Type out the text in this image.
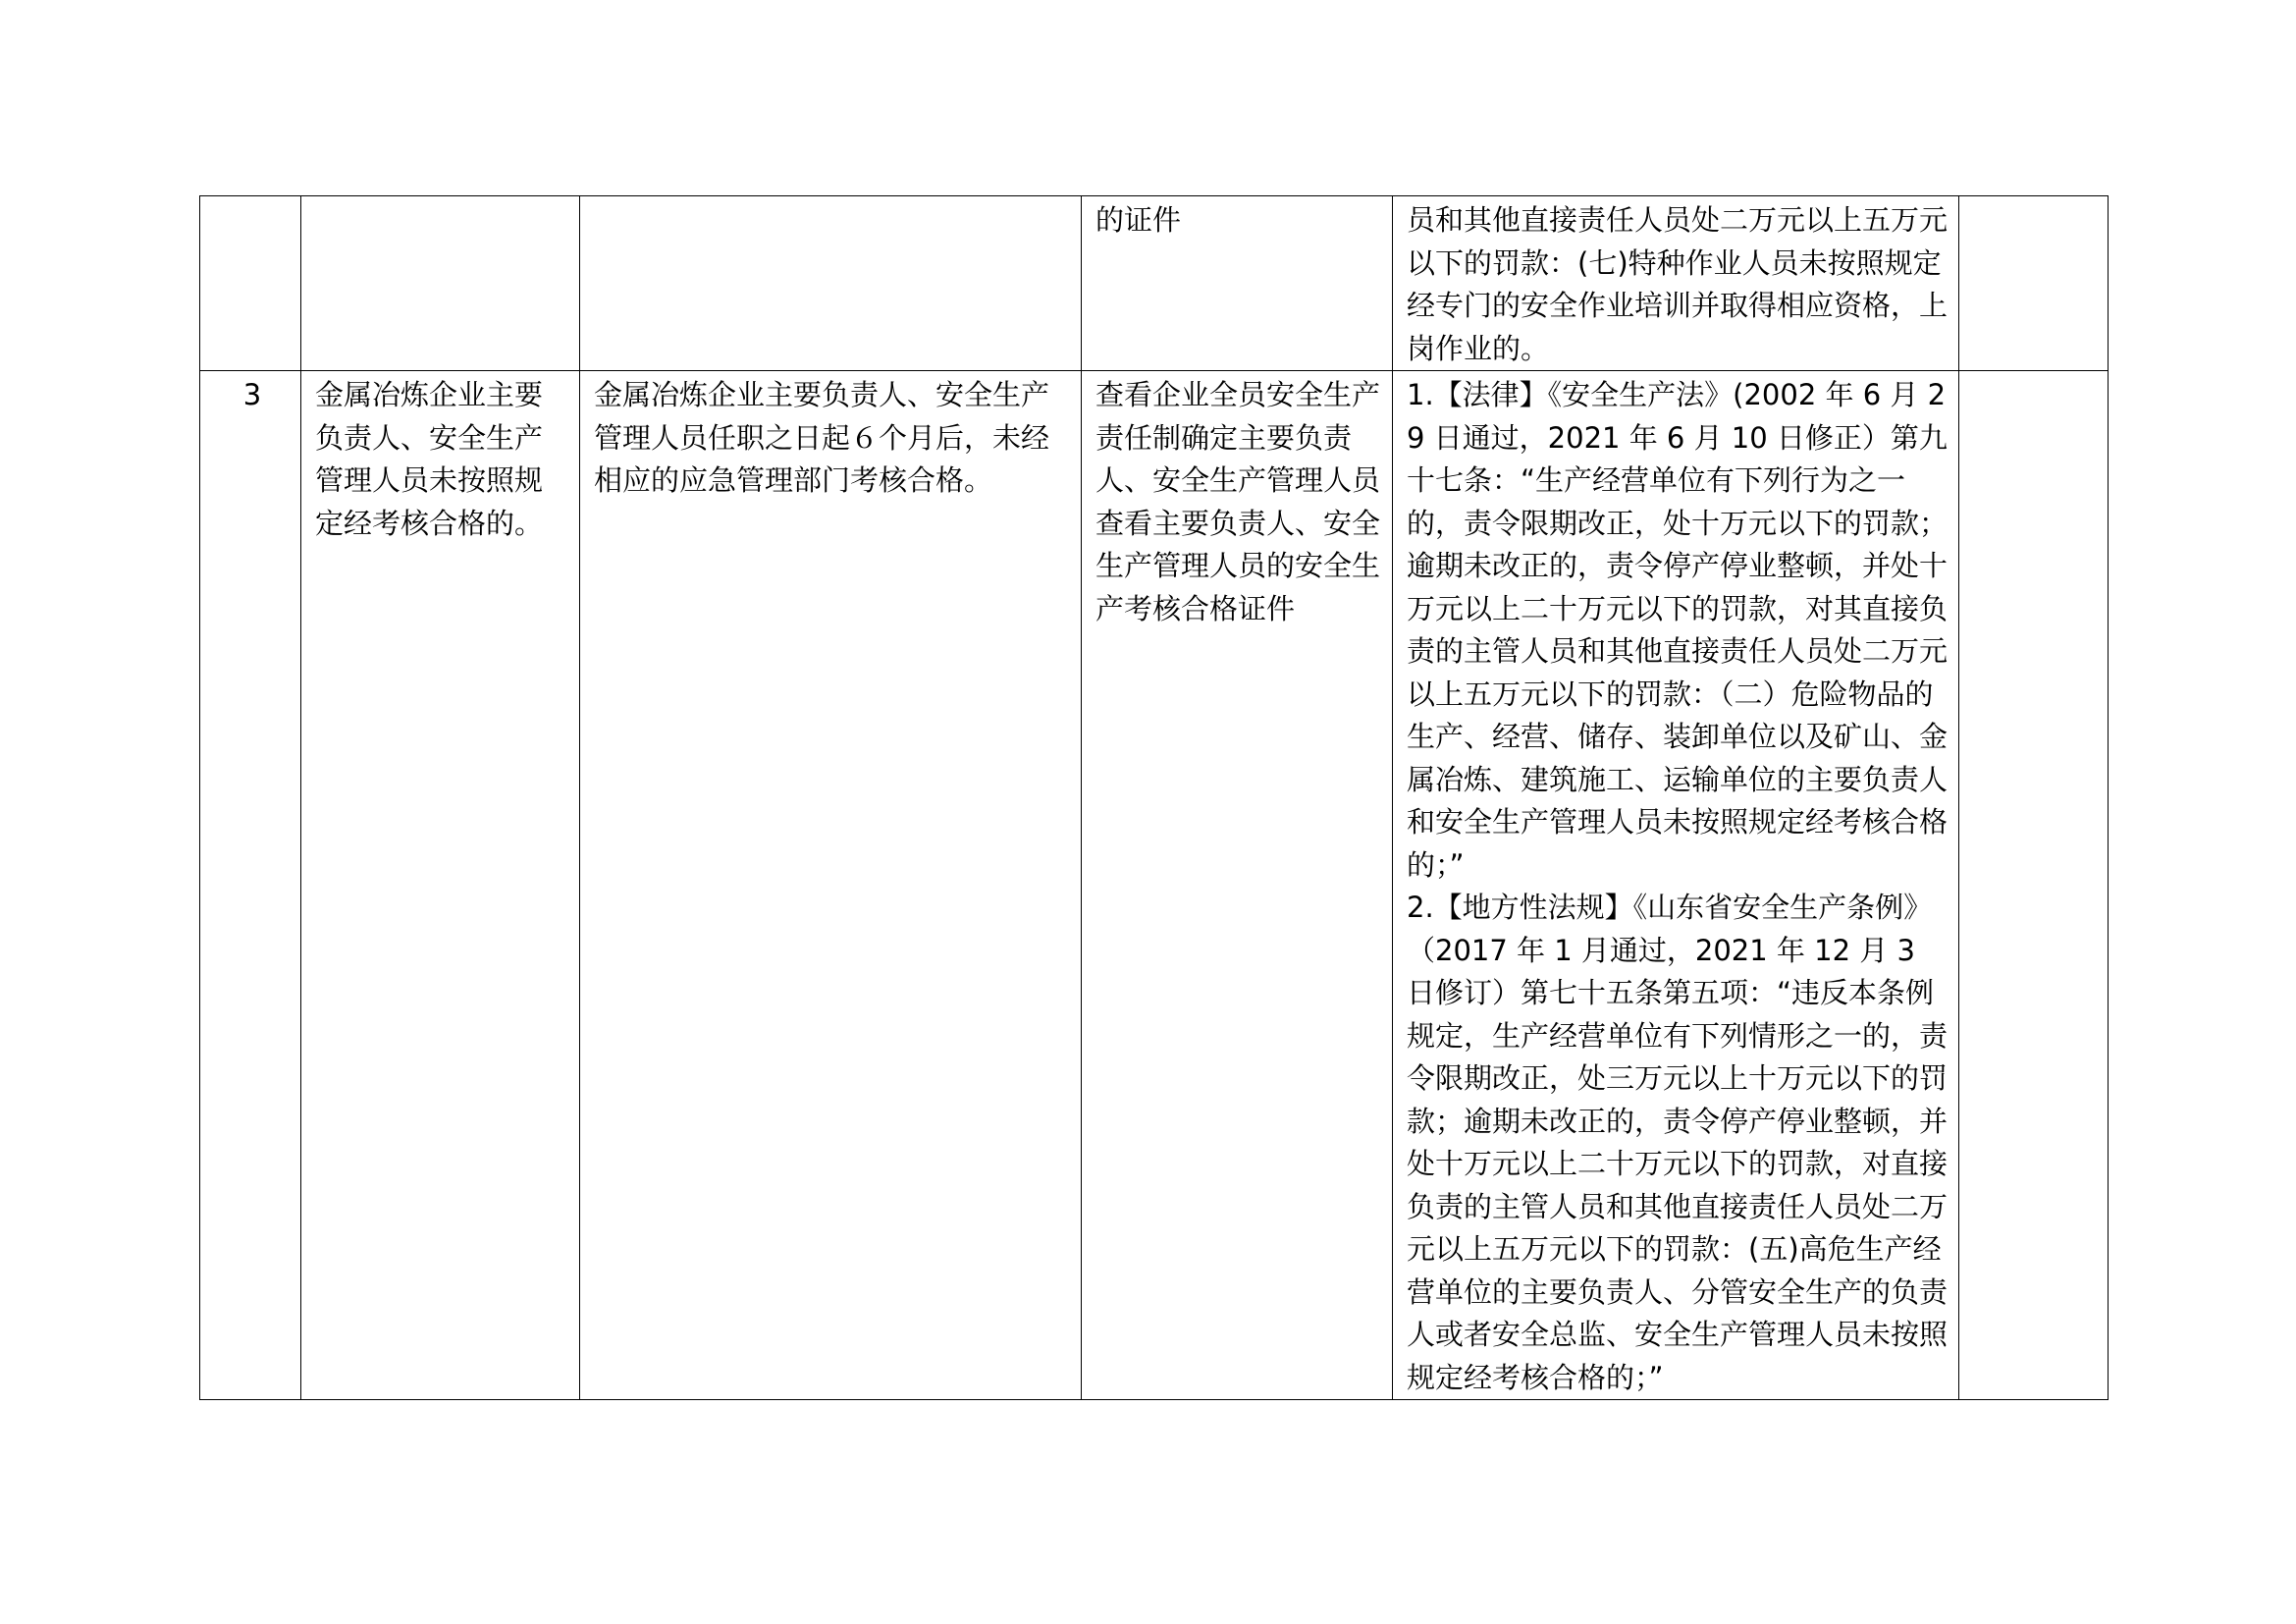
			的证件	员和其他直接责任人员处二万元以上五万元以下的罚款：(七)特种作业人员未按照规定经专门的安全作业培训并取得相应资格，上岗作业的。	
3	金属冶炼企业主要负责人、安全生产管理人员未按照规定经考核合格的。	金属冶炼企业主要负责人、安全生产管理人员任职之日起６个月后，未经相应的应急管理部门考核合格。	查看企业全员安全生产责任制确定主要负责人、安全生产管理人员
查看主要负责人、安全生产管理人员的安全生产考核合格证件	1.【法律】《安全生产法》(2002 年 6 月 29 日通过，2021 年 6 月 10 日修正）第九十七条：“生产经营单位有下列行为之一的，责令限期改正，处十万元以下的罚款；逾期未改正的，责令停产停业整顿，并处十万元以上二十万元以下的罚款，对其直接负责的主管人员和其他直接责任人员处二万元以上五万元以下的罚款：（二）危险物品的生产、经营、储存、装卸单位以及矿山、金属冶炼、建筑施工、运输单位的主要负责人和安全生产管理人员未按照规定经考核合格的；”
2.【地方性法规】《山东省安全生产条例》（2017 年 1 月通过，2021 年 12 月 3 日修订）第七十五条第五项：“违反本条例规定，生产经营单位有下列情形之一的，责令限期改正，处三万元以上十万元以下的罚款；逾期未改正的，责令停产停业整顿，并处十万元以上二十万元以下的罚款，对直接负责的主管人员和其他直接责任人员处二万元以上五万元以下的罚款：(五)高危生产经营单位的主要负责人、分管安全生产的负责人或者安全总监、安全生产管理人员未按照规定经考核合格的；”	
